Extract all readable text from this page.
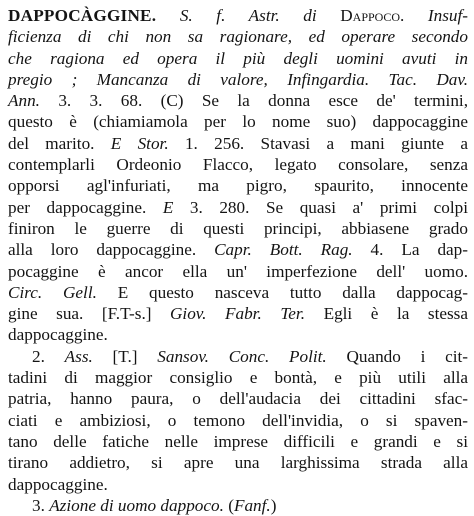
DAPPOCÀGGINE. S. f. Astr. di Dappoco. Insuf-
ficienza di chi non sa ragionare, ed operare secondo
che ragiona ed opera il più degli uomini avuti in
pregio ; Mancanza di valore, Infingardia. Tac. Dav.
Ann. 3. 3. 68. (C) Se la donna esce de' termini,
questo è (chiamiamola per lo nome suo) dappocaggine
del marito. E Stor. 1. 256. Stavasi a mani giunte a
contemplarli Ordeonio Flacco, legato consolare, senza
opporsi agl'infuriati, ma pigro, spaurito, innocente
per dappocaggine. E 3. 280. Se quasi a' primi colpi
finiron le guerre di questi principi, abbiasene grado
alla loro dappocaggine. Capr. Bott. Rag. 4. La dap-
pocaggine è ancor ella un' imperfezione dell' uomo.
Circ. Gell. E questo nasceva tutto dalla dappocag-
gine sua. [F.T-s.] Giov. Fabr. Ter. Egli è la stessa
dappocaggine.
2. Ass. [T.] Sansov. Conc. Polit. Quando i cit-
tadini di maggior consiglio e bontà, e più utili alla
patria, hanno paura, o dell'audacia dei cittadini sfac-
ciati e ambiziosi, o temono dell'invidia, o si spaven-
tano delle fatiche nelle imprese difficili e grandi e si
tirano addietro, si apre una larghissima strada alla
dappocaggine.
3. Azione di uomo dappoco. (Fanf.)
